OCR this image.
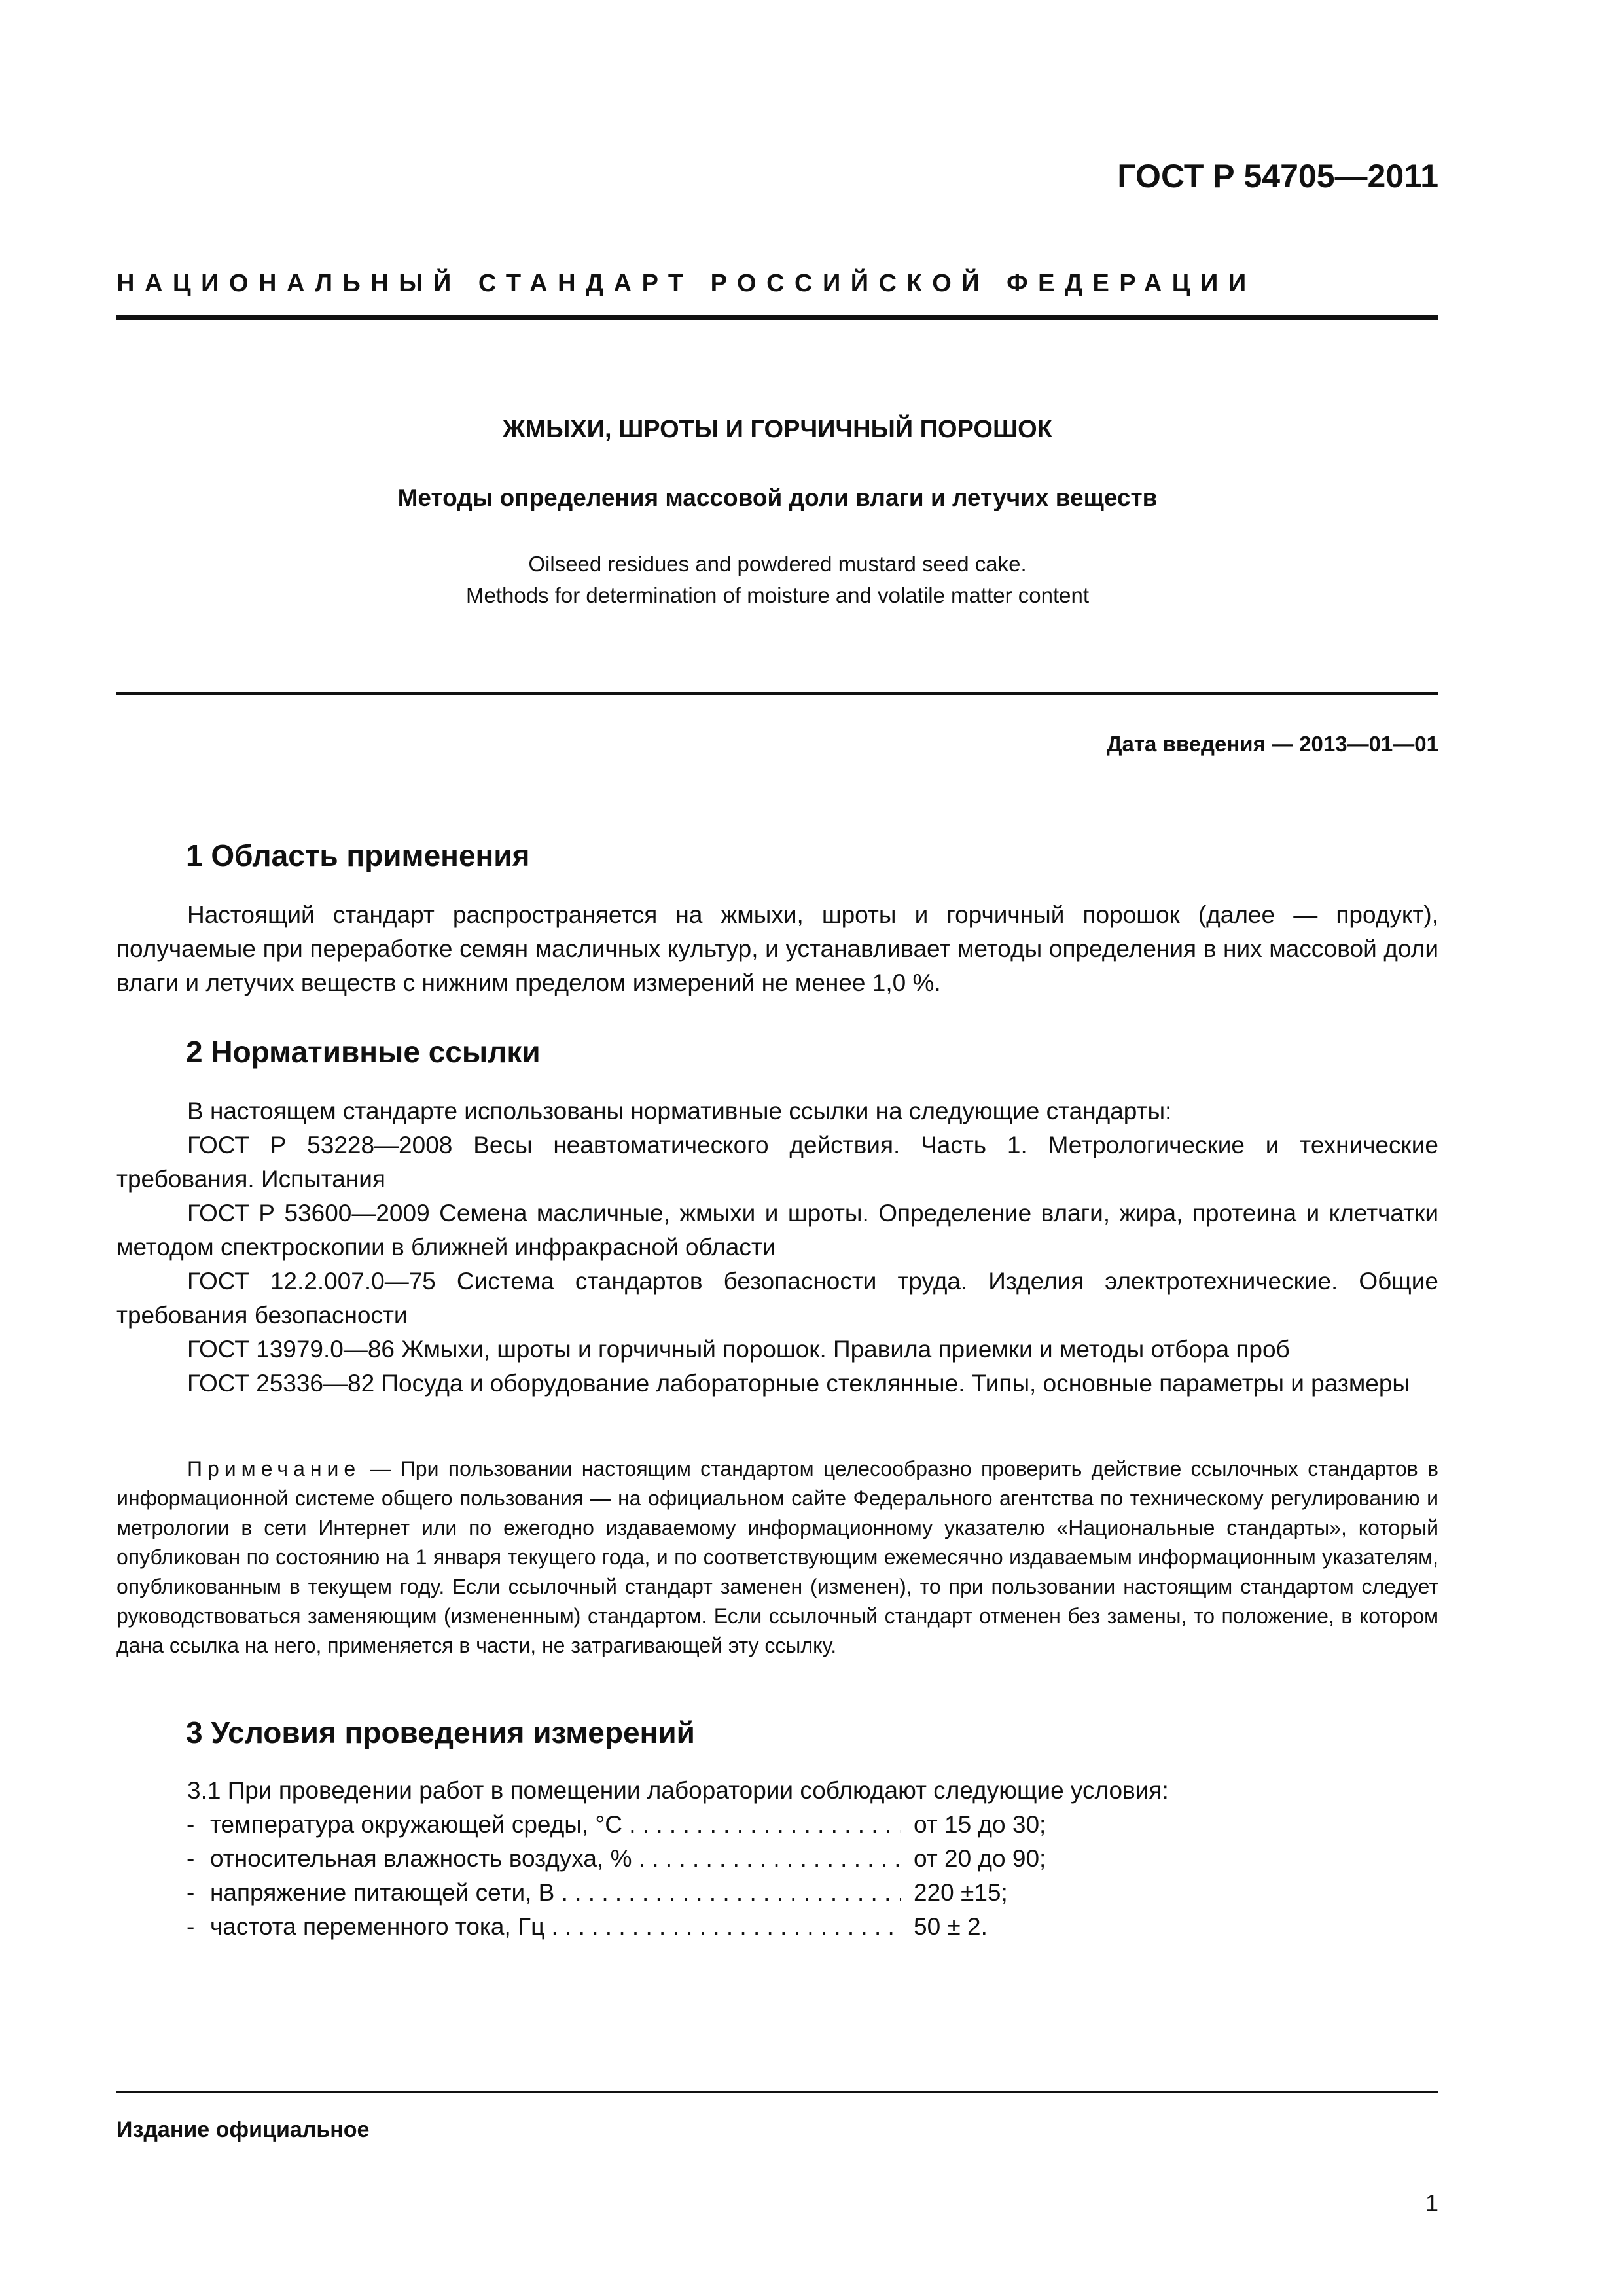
ГОСТ Р 54705—2011
НАЦИОНАЛЬНЫЙ СТАНДАРТ РОССИЙСКОЙ ФЕДЕРАЦИИ
ЖМЫХИ, ШРОТЫ И ГОРЧИЧНЫЙ ПОРОШОК
Методы определения массовой доли влаги и летучих веществ
Oilseed residues and powdered mustard seed cake.
Methods for determination of moisture and volatile matter content
Дата введения — 2013—01—01
1 Область применения

Настоящий стандарт распространяется на жмыхи, шроты и горчичный порошок (далее — продукт), получаемые при переработке семян масличных культур, и устанавливает методы определения в них массовой доли влаги и летучих веществ с нижним пределом измерений не менее 1,0 %.

2 Нормативные ссылки

В настоящем стандарте использованы нормативные ссылки на следующие стандарты:

ГОСТ Р 53228—2008 Весы неавтоматического действия. Часть 1. Метрологические и технические требования. Испытания

ГОСТ Р 53600—2009 Семена масличные, жмыхи и шроты. Определение влаги, жира, протеина и клетчатки методом спектроскопии в ближней инфракрасной области

ГОСТ 12.2.007.0—75 Система стандартов безопасности труда. Изделия электротехнические. Общие требования безопасности

ГОСТ 13979.0—86 Жмыхи, шроты и горчичный порошок. Правила приемки и методы отбора проб

ГОСТ 25336—82 Посуда и оборудование лабораторные стеклянные. Типы, основные параметры и размеры

Примечание — При пользовании настоящим стандартом целесообразно проверить действие ссылочных стандартов в информационной системе общего пользования — на официальном сайте Федерального агентства по техническому регулированию и метрологии в сети Интернет или по ежегодно издаваемому информационному указателю «Национальные стандарты», который опубликован по состоянию на 1 января текущего года, и по соответствующим ежемесячно издаваемым информационным указателям, опубликованным в текущем году. Если ссылочный стандарт заменен (изменен), то при пользовании настоящим стандартом следует руководствоваться заменяющим (измененным) стандартом. Если ссылочный стандарт отменен без замены, то положение, в котором дана ссылка на него, применяется в части, не затрагивающей эту ссылку.
3 Условия проведения измерений

3.1 При проведении работ в помещении лаборатории соблюдают следующие условия:

- температура окружающей среды, °С . . .	от 15 до 30;
- относительная влажность воздуха, % . . .	от 20 до 90;
- напряжение питающей сети, В . . .	220 ±15;
- частота переменного тока, Гц . . .	50 ± 2.
Издание официальное
1
